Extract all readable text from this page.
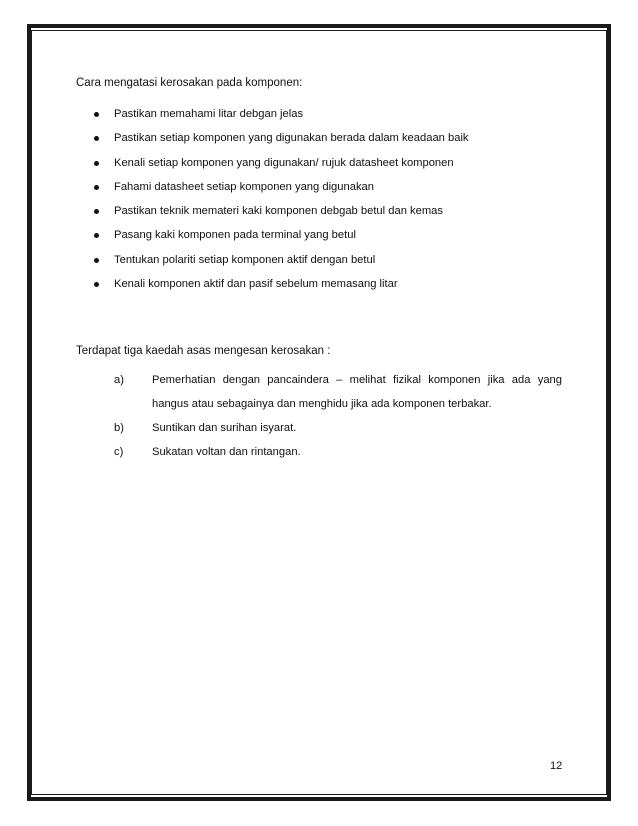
Cara mengatasi kerosakan pada komponen:
Pastikan memahami litar debgan jelas
Pastikan setiap komponen yang digunakan berada dalam keadaan baik
Kenali setiap komponen yang digunakan/ rujuk datasheet komponen
Fahami datasheet setiap komponen yang digunakan
Pastikan teknik memateri kaki komponen debgab betul dan kemas
Pasang kaki komponen pada terminal yang betul
Tentukan polariti setiap komponen aktif dengan betul
Kenali komponen aktif dan pasif sebelum memasang litar
Terdapat tiga kaedah asas mengesan kerosakan :
a)	Pemerhatian dengan pancaindera – melihat fizikal komponen jika ada yang hangus atau sebagainya dan menghidu jika ada komponen terbakar.
b)	Suntikan dan surihan isyarat.
c)	Sukatan voltan dan rintangan.
12
